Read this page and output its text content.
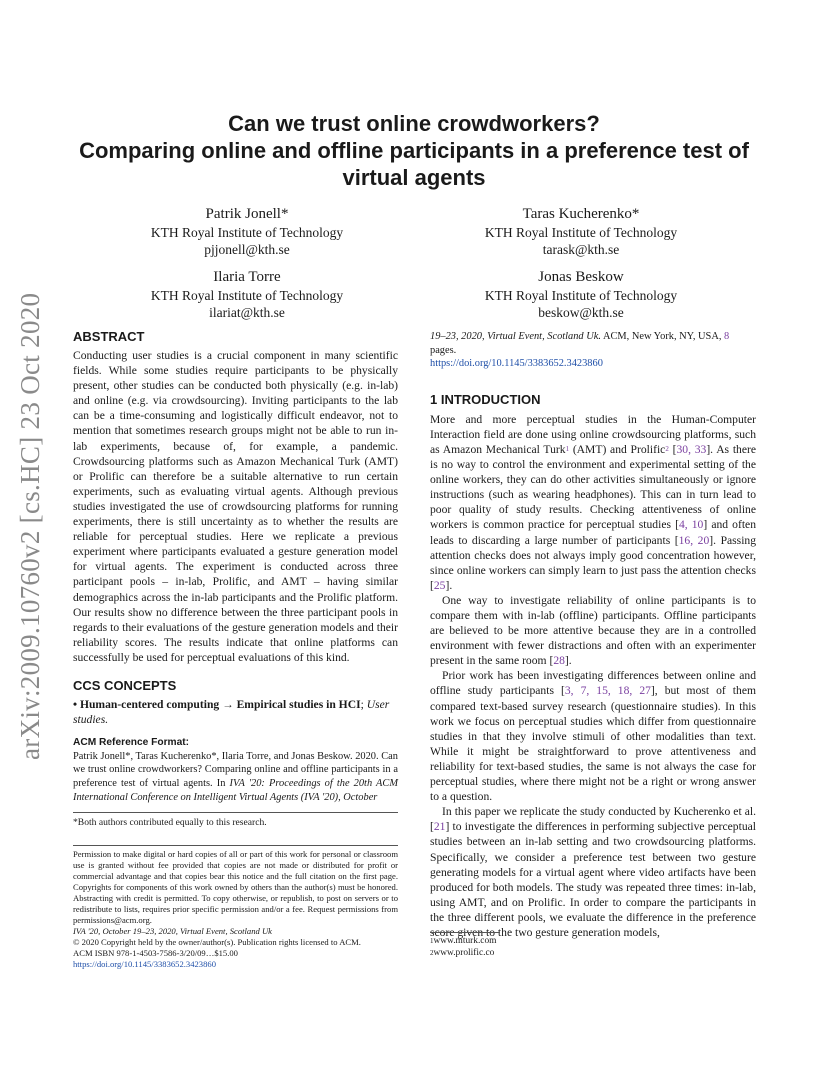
arXiv:2009.10760v2 [cs.HC] 23 Oct 2020
Can we trust online crowdworkers?
Comparing online and offline participants in a preference test of
virtual agents
Patrik Jonell*
KTH Royal Institute of Technology
pjjonell@kth.se
Taras Kucherenko*
KTH Royal Institute of Technology
tarask@kth.se
Ilaria Torre
KTH Royal Institute of Technology
ilariat@kth.se
Jonas Beskow
KTH Royal Institute of Technology
beskow@kth.se
ABSTRACT

Conducting user studies is a crucial component in many scientific fields. While some studies require participants to be physically present, other studies can be conducted both physically (e.g. in-lab) and online (e.g. via crowdsourcing). Inviting participants to the lab can be a time-consuming and logistically difficult endeavor, not to mention that sometimes research groups might not be able to run in-lab experiments, because of, for example, a pandemic. Crowdsourcing platforms such as Amazon Mechanical Turk (AMT) or Prolific can therefore be a suitable alternative to run certain experiments, such as evaluating virtual agents. Although previous studies investigated the use of crowdsourcing platforms for running experiments, there is still uncertainty as to whether the results are reliable for perceptual studies. Here we replicate a previous experiment where participants evaluated a gesture generation model for virtual agents. The experiment is conducted across three participant pools – in-lab, Prolific, and AMT – having similar demographics across the in-lab participants and the Prolific platform. Our results show no difference between the three participant pools in regards to their evaluations of the gesture generation models and their reliability scores. The results indicate that online platforms can successfully be used for perceptual evaluations of this kind.

CCS CONCEPTS

• Human-centered computing → Empirical studies in HCI; User studies.

ACM Reference Format:
Patrik Jonell*, Taras Kucherenko*, Ilaria Torre, and Jonas Beskow. 2020. Can we trust online crowdworkers? Comparing online and offline participants in a preference test of virtual agents. In IVA '20: Proceedings of the 20th ACM International Conference on Intelligent Virtual Agents (IVA '20), October
*Both authors contributed equally to this research.
Permission to make digital or hard copies of all or part of this work for personal or classroom use is granted without fee provided that copies are not made or distributed for profit or commercial advantage and that copies bear this notice and the full citation on the first page. Copyrights for components of this work owned by others than the author(s) must be honored. Abstracting with credit is permitted. To copy otherwise, or republish, to post on servers or to redistribute to lists, requires prior specific permission and/or a fee. Request permissions from permissions@acm.org.
IVA '20, October 19–23, 2020, Virtual Event, Scotland Uk
© 2020 Copyright held by the owner/author(s). Publication rights licensed to ACM.
ACM ISBN 978-1-4503-7586-3/20/09…$15.00
https://doi.org/10.1145/3383652.3423860
19–23, 2020, Virtual Event, Scotland Uk. ACM, New York, NY, USA, 8 pages.
https://doi.org/10.1145/3383652.3423860
1 INTRODUCTION

More and more perceptual studies in the Human-Computer Interaction field are done using online crowdsourcing platforms, such as Amazon Mechanical Turk$^1$ (AMT) and Prolific$^2$ [30, 33]. As there is no way to control the environment and experimental setting of the online workers, they can do other activities simultaneously or ignore instructions (such as wearing headphones). This can in turn lead to poor quality of study results. Checking attentiveness of online workers is common practice for perceptual studies [4, 10] and often leads to discarding a large number of participants [16, 20]. Passing attention checks does not always imply good concentration however, since online workers can simply learn to just pass the attention checks [25].

One way to investigate reliability of online participants is to compare them with in-lab (offline) participants. Offline participants are believed to be more attentive because they are in a controlled environment with fewer distractions and often with an experimenter present in the same room [28].

Prior work has been investigating differences between online and offline study participants [3, 7, 15, 18, 27], but most of them compared text-based survey research (questionnaire studies). In this work we focus on perceptual studies which differ from questionnaire studies in that they involve stimuli of other modalities than text. While it might be straightforward to prove attentiveness and reliability for text-based studies, the same is not always the case for perceptual studies, where there might not be a right or wrong answer to a question.

In this paper we replicate the study conducted by Kucherenko et al. [21] to investigate the differences in performing subjective perceptual studies between an in-lab setting and two crowdsourcing platforms. Specifically, we consider a preference test between two gesture generating models for a virtual agent where video artifacts have been produced for both models. The study was repeated three times: in-lab, using AMT, and on Prolific. In order to compare the participants in the three different pools, we evaluate the difference in the preference score given to the two gesture generation models,

$^1$www.mturk.com
$^2$www.prolific.co
